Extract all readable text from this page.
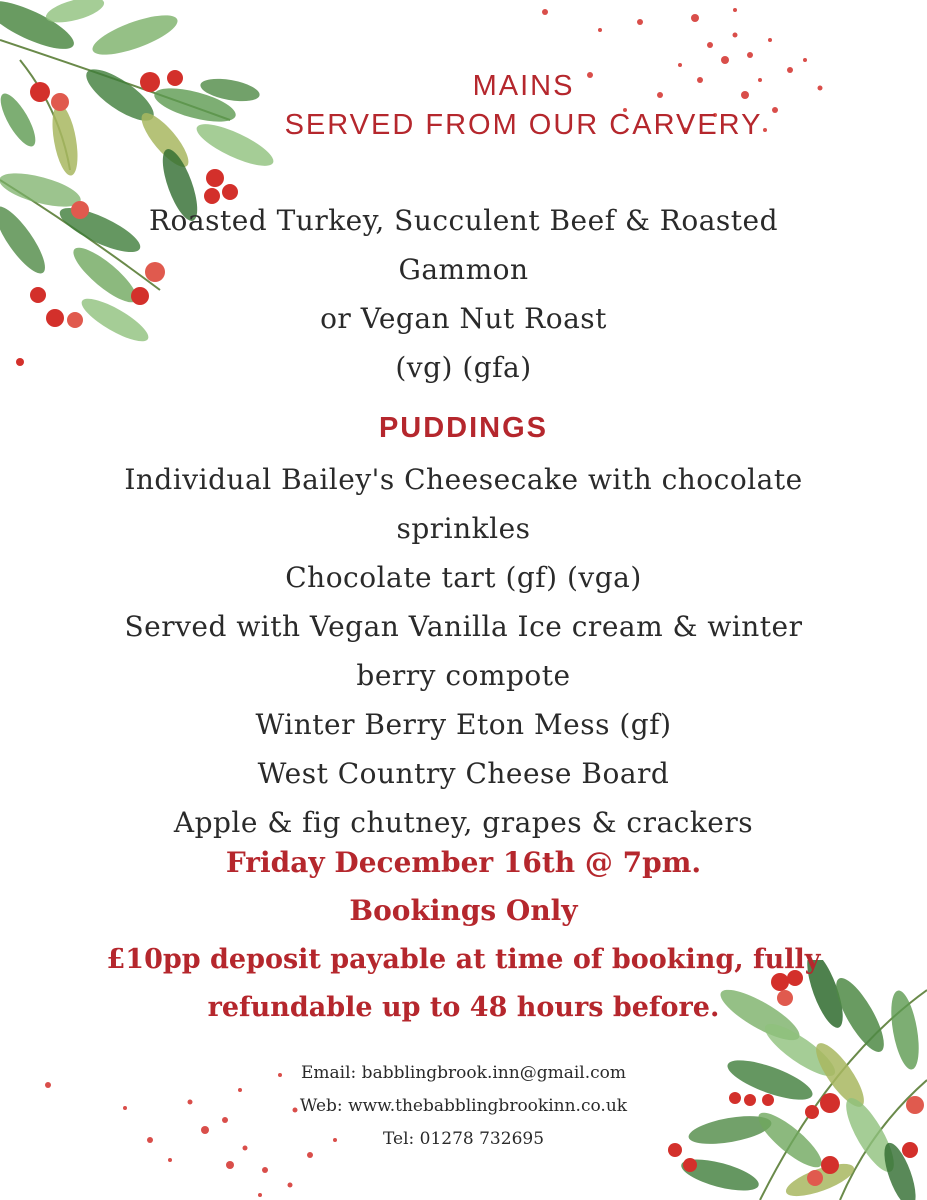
MAINS
SERVED FROM OUR CARVERY
Roasted Turkey, Succulent Beef & Roasted
Gammon
or Vegan Nut Roast
(vg) (gfa)
PUDDINGS
Individual Bailey's Cheesecake with chocolate
sprinkles
Chocolate tart (gf) (vga)
Served with Vegan Vanilla Ice cream & winter
berry compote
Winter Berry Eton Mess (gf)
West Country Cheese Board
Apple & fig chutney, grapes & crackers
Friday December 16th @ 7pm.
Bookings Only
£10pp deposit payable at time of booking, fully
refundable up to 48 hours before.
Email: babblingbrook.inn@gmail.com
Web: www.thebabblingbrookinn.co.uk
Tel: 01278 732695
